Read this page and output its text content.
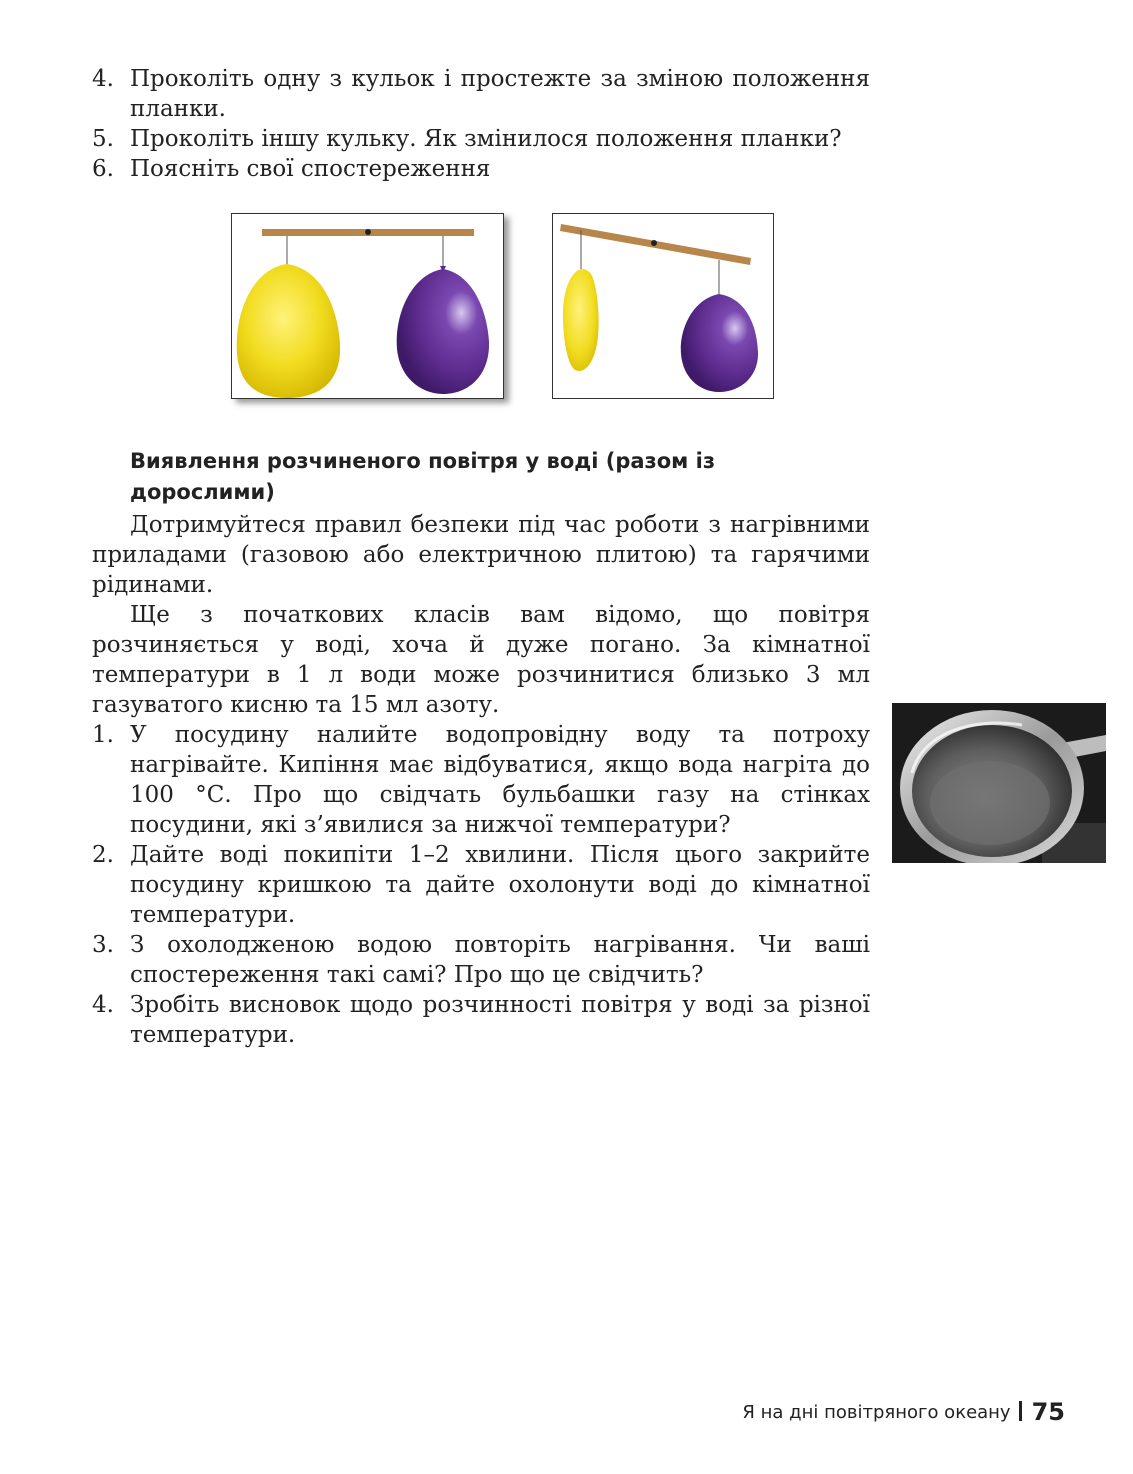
4. Проколіть одну з кульок і простежте за зміною положення планки.
5. Проколіть іншу кульку. Як змінилося положення планки?
6. Поясніть свої спостереження
Виявлення розчиненого повітря у воді (разом із дорослими)

Дотримуйтеся правил безпеки під час роботи з нагрівними приладами (газовою або електричною плитою) та гарячими рідинами.

Ще з початкових класів вам відомо, що повітря розчиняється у воді, хоча й дуже погано. За кімнатної температури в 1 л води може розчинитися близько 3 мл газуватого кисню та 15 мл азоту.

1. У посудину налийте водопровідну воду та потроху нагрівайте. Кипіння має відбуватися, якщо вода нагріта до 100 °С. Про що свідчать бульбашки газу на стінках посудини, які з’явилися за нижчої температури?
2. Дайте воді покипіти 1–2 хвилини. Після цього закрийте посудину кришкою та дайте охолонути воді до кімнатної температури.
3. З охолодженою водою повторіть нагрівання. Чи ваші спостереження такі самі? Про що це свідчить?
4. Зробіть висновок щодо розчинності повітря у воді за різної температури.
Я на дні повітряного океану 75
